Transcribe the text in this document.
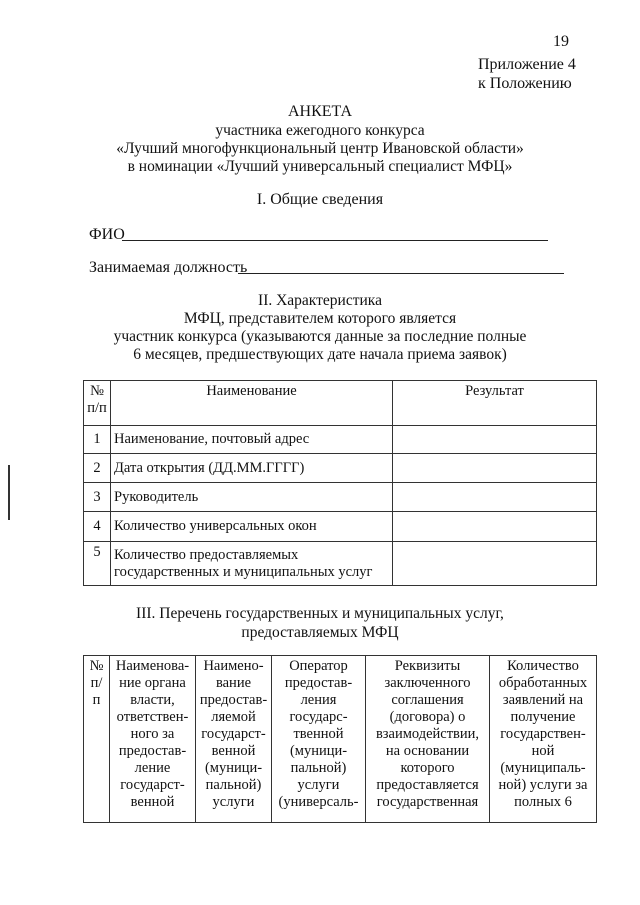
19
Приложение 4
к Положению
АНКЕТА
участника ежегодного конкурса
«Лучший многофункциональный центр Ивановской области»
в номинации «Лучший универсальный специалист МФЦ»
I. Общие сведения
ФИО
Занимаемая должность
II. Характеристика
МФЦ, представителем которого является
участник конкурса (указываются данные за последние полные
6 месяцев, предшествующих дате начала приема заявок)
№ п/п	Наименование	Результат
1	Наименование, почтовый адрес	
2	Дата открытия (ДД.ММ.ГГГГ)	
3	Руководитель	
4	Количество универсальных окон	
5	Количество предоставляемых государственных и муниципальных услуг	
III. Перечень государственных и муниципальных услуг,
предоставляемых МФЦ
№ п/п	Наименова-ние органа власти, ответствен-ного за предостав-ление государст-венной	Наимено-вание предостав-ляемой государст-венной (муници-пальной) услуги	Оператор предостав-ления государс-твенной (муници-пальной) услуги (универсаль-	Реквизиты заключенного соглашения (договора) о взаимодействии, на основании которого предоставляется государственная	Количество обработанных заявлений на получение государствен-ной (муниципаль-ной) услуги за полных 6
